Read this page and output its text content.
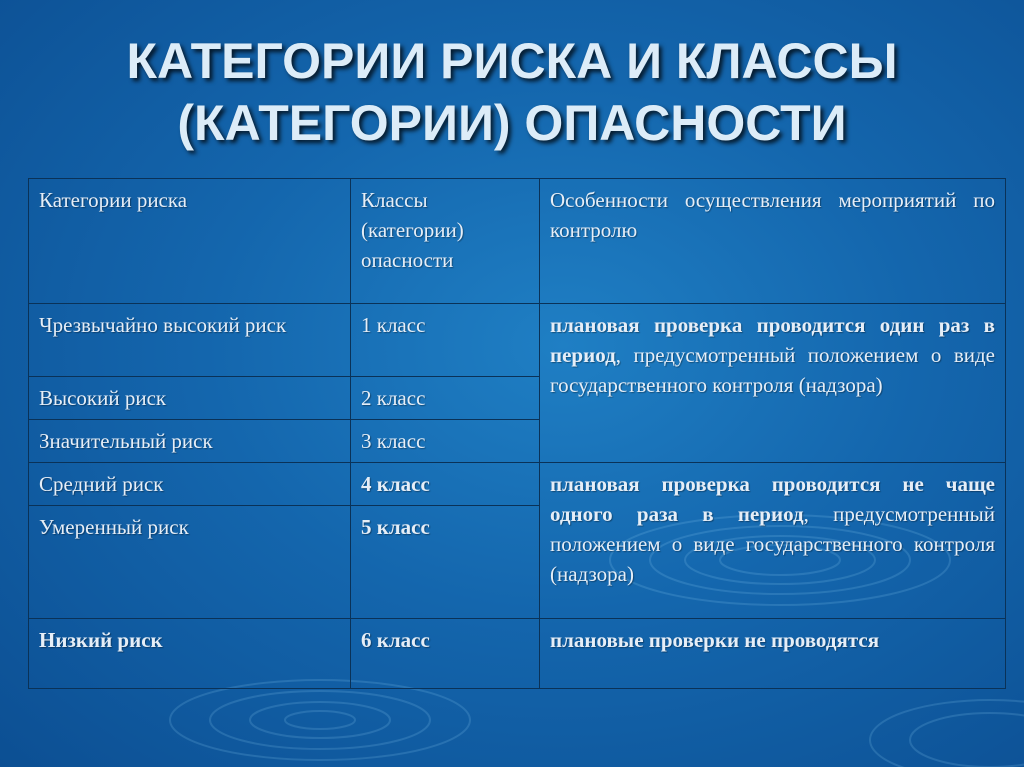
КАТЕГОРИИ РИСКА И КЛАССЫ
(КАТЕГОРИИ) ОПАСНОСТИ
Категории риска	Классы (категории) опасности	Особенности осуществления мероприятий по контролю
Чрезвычайно высокий риск	1 класс	плановая проверка проводится один раз в период, предусмотренный положением о виде государственного контроля (надзора)
Высокий риск	2 класс	
Значительный риск	3 класс	
Средний риск	4 класс	плановая проверка проводится не чаще одного раза в период, предусмотренный положением о виде государственного контроля (надзора)
Умеренный риск	5 класс	
Низкий риск	6 класс	плановые проверки не проводятся
